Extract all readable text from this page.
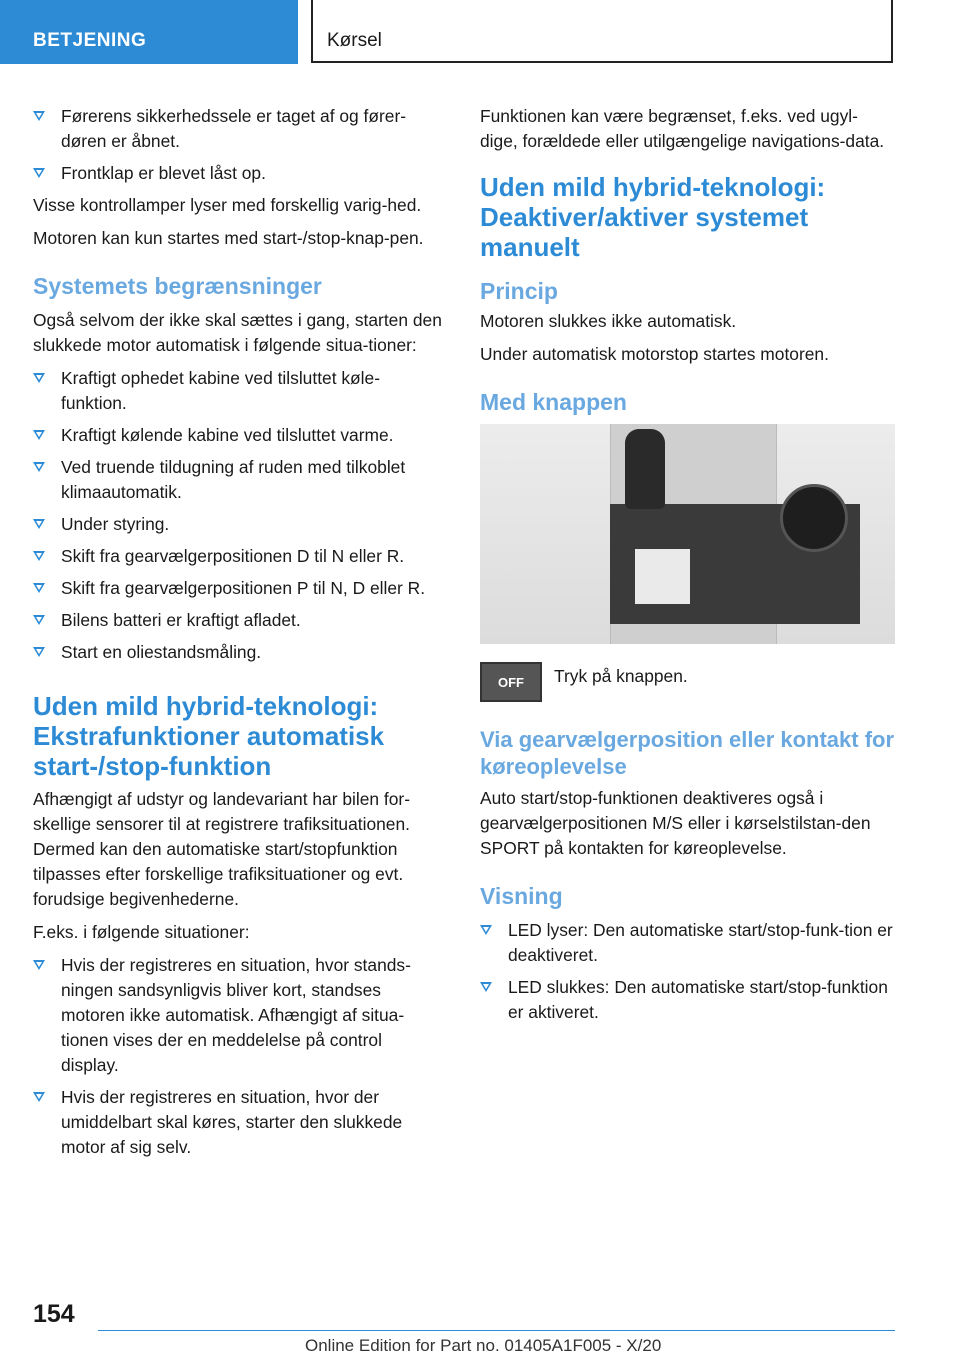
BETJENING	Kørsel
Førerens sikkerhedssele er taget af og fører-døren er åbnet.
Frontklap er blevet låst op.

Visse kontrollamper lyser med forskellig varig-hed.

Motoren kan kun startes med start-/stop-knap-pen.

Systemets begrænsninger

Også selvom der ikke skal sættes i gang, starten den slukkede motor automatisk i følgende situa-tioner:

Kraftigt ophedet kabine ved tilsluttet køle-funktion.
Kraftigt kølende kabine ved tilsluttet varme.
Ved truende tildugning af ruden med tilkoblet klimaautomatik.
Under styring.
Skift fra gearvælgerpositionen D til N eller R.
Skift fra gearvælgerpositionen P til N, D eller R.
Bilens batteri er kraftigt afladet.
Start en oliestandsmåling.
Uden mild hybrid-teknologi: Ekstrafunktioner automatisk start-/stop-funktion

Afhængigt af udstyr og landevariant har bilen for-skellige sensorer til at registrere trafiksituationen. Dermed kan den automatiske start/stopfunktion tilpasses efter forskellige trafiksituationer og evt. forudsige begivenhederne.

F.eks. i følgende situationer:

Hvis der registreres en situation, hvor stands-ningen sandsynligvis bliver kort, standses motoren ikke automatisk. Afhængigt af situa-tionen vises der en meddelelse på control display.
Hvis der registreres en situation, hvor der umiddelbart skal køres, starter den slukkede motor af sig selv.

Funktionen kan være begrænset, f.eks. ved ugyl-dige, forældede eller utilgængelige navigations-data.

Uden mild hybrid-teknologi: Deaktiver/aktiver systemet manuelt
Princip

Motoren slukkes ikke automatisk.

Under automatisk motorstop startes motoren.

Med knappen
OFF Tryk på knappen.
Via gearvælgerposition eller kontakt for køreoplevelse

Auto start/stop-funktionen deaktiveres også i gearvælgerpositionen M/S eller i kørselstilstan-den SPORT på kontakten for køreoplevelse.

Visning
LED lyser: Den automatiske start/stop-funk-tion er deaktiveret.
LED slukkes: Den automatiske start/stop-funktion er aktiveret.
154
Online Edition for Part no. 01405A1F005 - X/20
